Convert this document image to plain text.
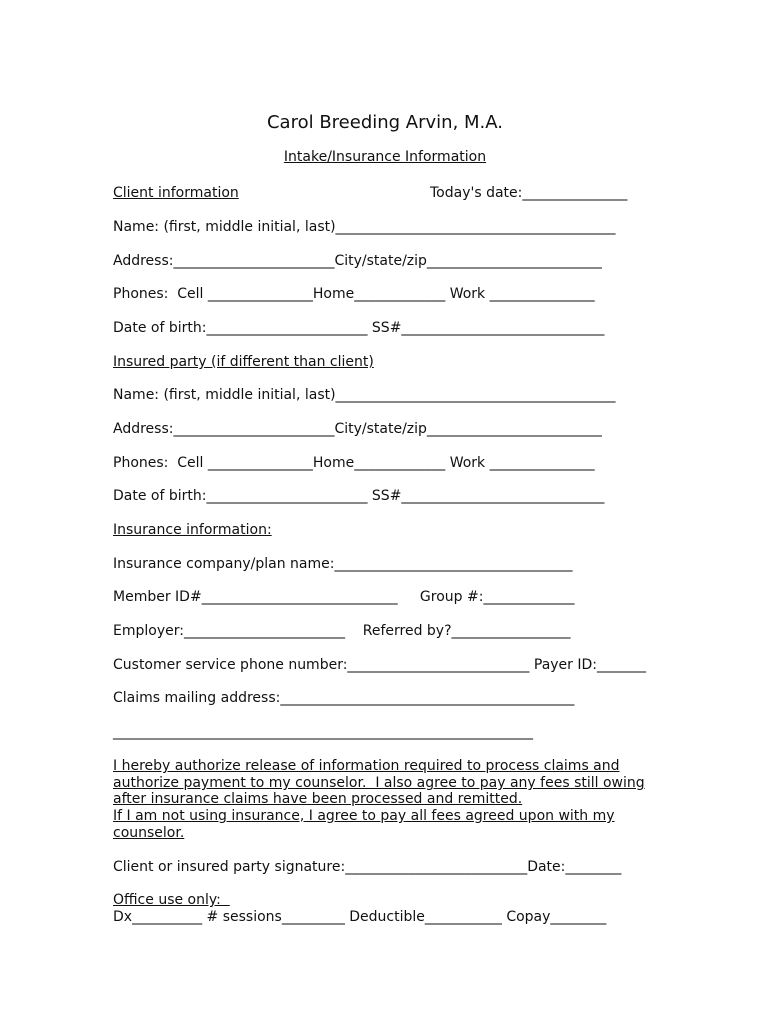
Carol Breeding Arvin, M.A.
Intake/Insurance Information
Client information	Today's date:_______________
Name: (first, middle initial, last)________________________________________
Address:_______________________City/state/zip_________________________
Phones:  Cell _______________Home_____________ Work _______________
Date of birth:_______________________ SS#_____________________________
Insured party (if different than client)
Name: (first, middle initial, last)________________________________________
Address:_______________________City/state/zip_________________________
Phones:  Cell _______________Home_____________ Work _______________
Date of birth:_______________________ SS#_____________________________
Insurance information:
Insurance company/plan name:__________________________________
Member ID#____________________________     Group #:_____________
Employer:_______________________    Referred by?_________________
Customer service phone number:__________________________ Payer ID:_______
Claims mailing address:__________________________________________
____________________________________________________________
I hereby authorize release of information required to process claims and
authorize payment to my counselor.  I also agree to pay any fees still owing
after insurance claims have been processed and remitted.
If I am not using insurance, I agree to pay all fees agreed upon with my
counselor.
Client or insured party signature:__________________________Date:________
Office use only:
Dx__________ # sessions_________ Deductible___________ Copay________
